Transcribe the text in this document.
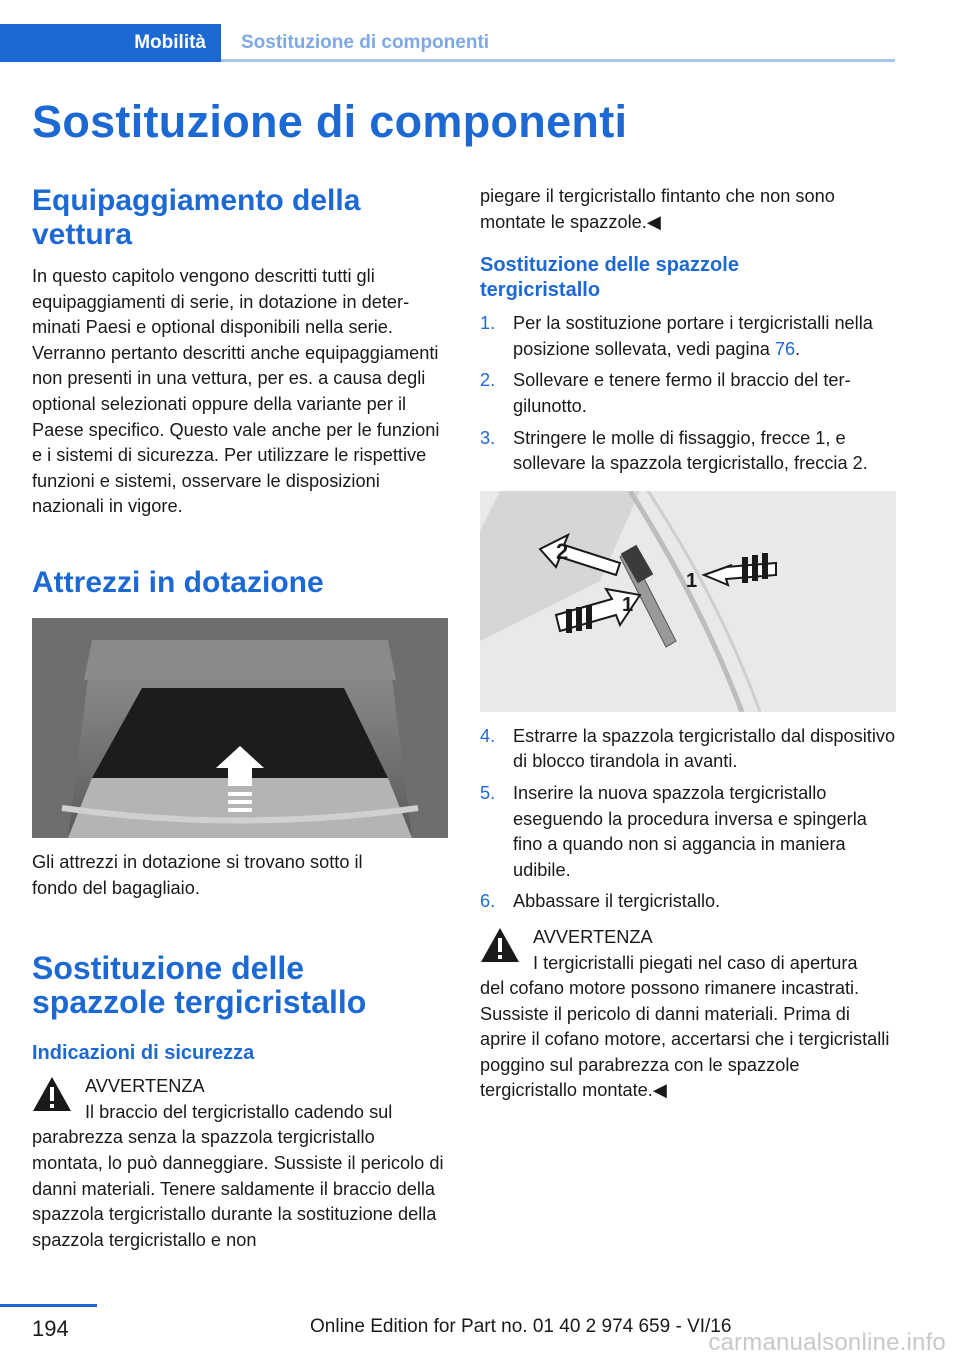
Mobilità	Sostituzione di componenti
Sostituzione di componenti
Equipaggiamento della vettura

In questo capitolo vengono descritti tutti gli equipaggiamenti di serie, in dotazione in determinati Paesi e optional disponibili nella serie. Verranno pertanto descritti anche equipaggiamenti non presenti in una vettura, per es. a causa degli optional selezionati oppure della variante per il Paese specifico. Questo vale anche per le funzioni e i sistemi di sicurezza. Per utilizzare le rispettive funzioni e sistemi, osservare le disposizioni nazionali in vigore.

Attrezzi in dotazione

Gli attrezzi in dotazione si trovano sotto il fondo del bagagliaio.

Sostituzione delle spazzole tergicristallo
Indicazioni di sicurezza
AVVERTENZA
Il braccio del tergicristallo cadendo sul

parabrezza senza la spazzola tergicristallo montata, lo può danneggiare. Sussiste il pericolo di danni materiali. Tenere saldamente il braccio della spazzola tergicristallo durante la sostituzione della spazzola tergicristallo e non

piegare il tergicristallo fintanto che non sono montate le spazzole.◀

Sostituzione delle spazzole tergicristallo
1. Per la sostituzione portare i tergicristalli nella posizione sollevata, vedi pagina 76.
2. Sollevare e tenere fermo il braccio del tergilunotto.
3. Stringere le molle di fissaggio, frecce 1, e sollevare la spazzola tergicristallo, freccia 2.
2
1
1
4. Estrarre la spazzola tergicristallo dal dispositivo di blocco tirandola in avanti.
5. Inserire la nuova spazzola tergicristallo eseguendo la procedura inversa e spingerla fino a quando non si aggancia in maniera udibile.
6. Abbassare il tergicristallo.
AVVERTENZA
I tergicristalli piegati nel caso di apertura

del cofano motore possono rimanere incastrati. Sussiste il pericolo di danni materiali. Prima di aprire il cofano motore, accertarsi che i tergicristalli poggino sul parabrezza con le spazzole tergicristallo montate.◀

194	Online Edition for Part no. 01 40 2 974 659 - VI/16
carmanualsonline.info
